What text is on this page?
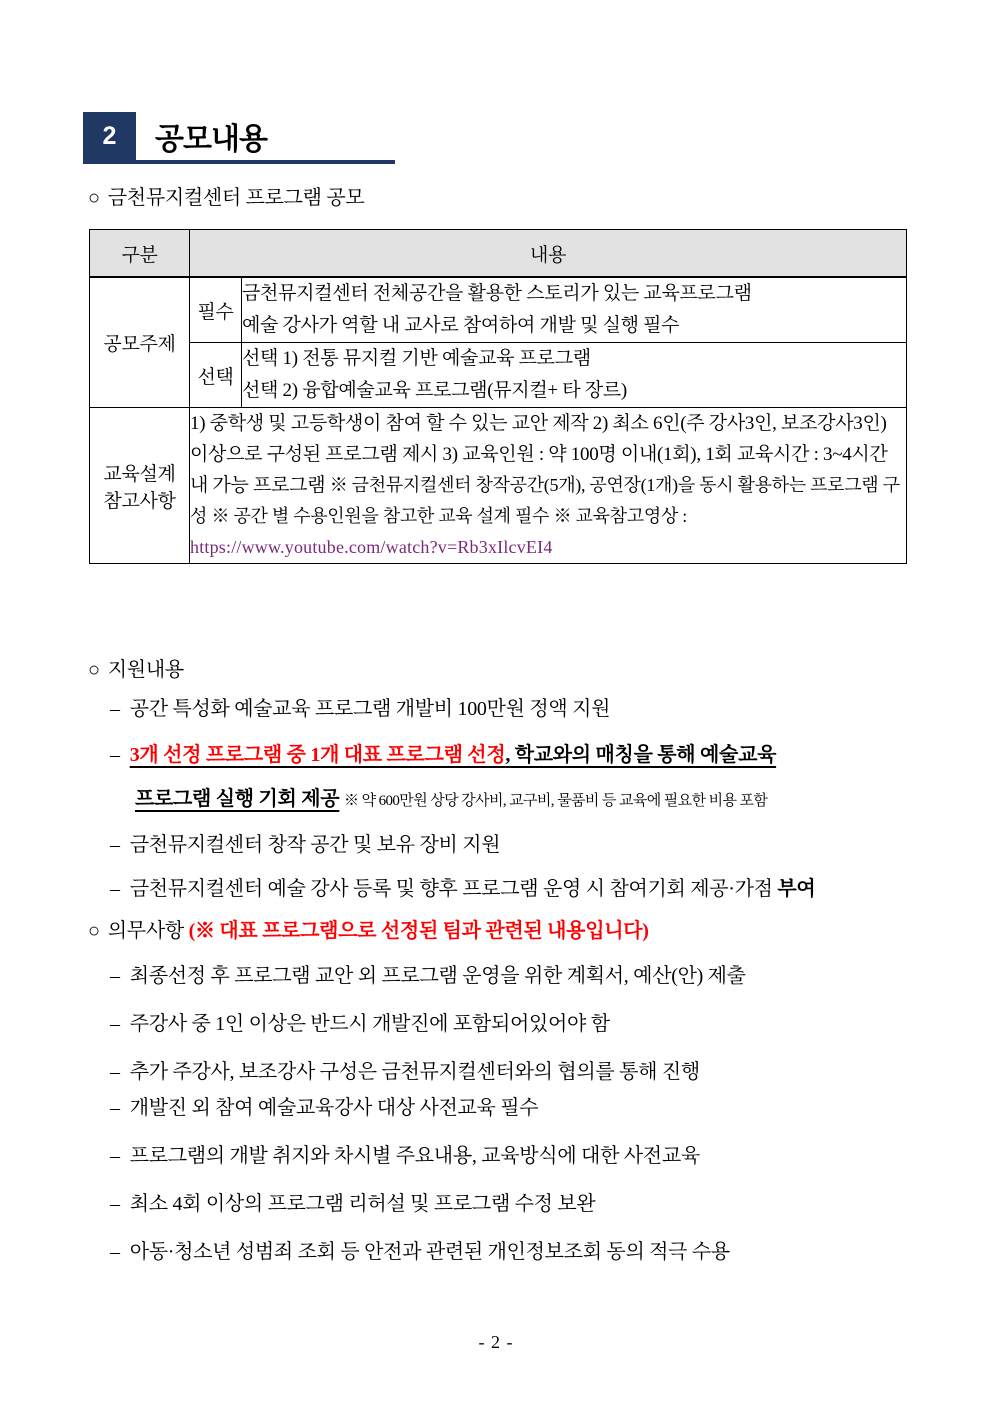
2	공모내용
○ 금천뮤지컬센터 프로그램 공모
구분	내용	
공모주제	필수	금천뮤지컬센터 전체공간을 활용한 스토리가 있는 교육프로그램
예술 강사가 역할 내 교사로 참여하여 개발 및 실행 필수

	선택	선택 1) 전통 뮤지컬 기반 예술교육 프로그램
선택 2) 융합예술교육 프로그램(뮤지컬+ 타 장르)

교육설계
참고사항	1) 중학생 및 고등학생이 참여 할 수 있는 교안 제작 2) 최소 6인(주 강사3인, 보조강사3인) 이상으로 구성된 프로그램 제시 3) 교육인원 : 약 100명 이내(1회), 1회 교육시간 : 3~4시간 내 가능 프로그램 ※ 금천뮤지컬센터 창작공간(5개), 공연장(1개)을 동시 활용하는 프로그램 구성 ※ 공간 별 수용인원을 참고한 교육 설계 필수 ※ 교육참고영상 : https://www.youtube.com/watch?v=Rb3xIlcvEI4	
○ 지원내용
– 공간 특성화 예술교육 프로그램 개발비 100만원 정액 지원
– 3개 선정 프로그램 중 1개 대표 프로그램 선정, 학교와의 매칭을 통해 예술교육
프로그램 실행 기회 제공 ※ 약 600만원 상당 강사비, 교구비, 물품비 등 교육에 필요한 비용 포함
– 금천뮤지컬센터 창작 공간 및 보유 장비 지원
– 금천뮤지컬센터 예술 강사 등록 및 향후 프로그램 운영 시 참여기회 제공·가점 부여
○ 의무사항 (※ 대표 프로그램으로 선정된 팀과 관련된 내용입니다)
– 최종선정 후 프로그램 교안 외 프로그램 운영을 위한 계획서, 예산(안) 제출
– 주강사 중 1인 이상은 반드시 개발진에 포함되어있어야 함
– 추가 주강사, 보조강사 구성은 금천뮤지컬센터와의 협의를 통해 진행
– 개발진 외 참여 예술교육강사 대상 사전교육 필수
– 프로그램의 개발 취지와 차시별 주요내용, 교육방식에 대한 사전교육
– 최소 4회 이상의 프로그램 리허설 및 프로그램 수정 보완
– 아동·청소년 성범죄 조회 등 안전과 관련된 개인정보조회 동의 적극 수용
- 2 -
